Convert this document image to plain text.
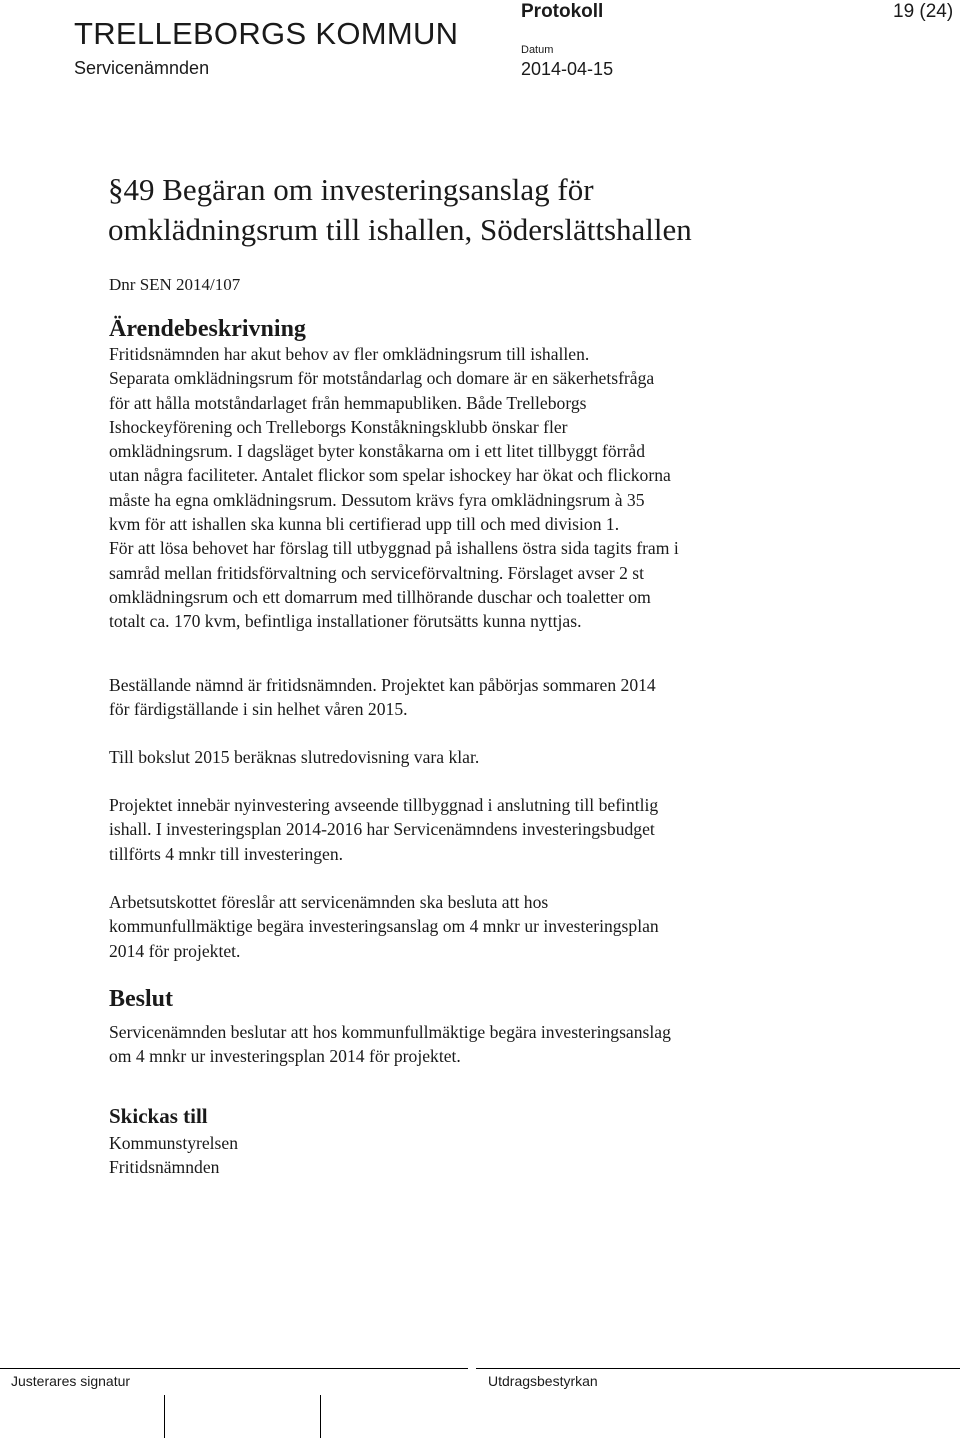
TRELLEBORGS KOMMUN
Servicenämnden
Protokoll
Datum
2014-04-15
19 (24)
§49 Begäran om investeringsanslag för
omklädningsrum till ishallen, Söderslättshallen
Dnr SEN 2014/107
Ärendebeskrivning
Fritidsnämnden har akut behov av fler omklädningsrum till ishallen.
Separata omklädningsrum för motståndarlag och domare är en säkerhetsfråga
för att hålla motståndarlaget från hemmapubliken. Både Trelleborgs
Ishockeyförening och Trelleborgs Konståkningsklubb önskar fler
omklädningsrum. I dagsläget byter konståkarna om i ett litet tillbyggt förråd
utan några faciliteter. Antalet flickor som spelar ishockey har ökat och flickorna
måste ha egna omklädningsrum. Dessutom krävs fyra omklädningsrum à 35
kvm för att ishallen ska kunna bli certifierad upp till och med division 1.
För att lösa behovet har förslag till utbyggnad på ishallens östra sida tagits fram i
samråd mellan fritidsförvaltning och serviceförvaltning. Förslaget avser 2 st
omklädningsrum och ett domarrum med tillhörande duschar och toaletter om
totalt ca. 170 kvm, befintliga installationer förutsätts kunna nyttjas.
Beställande nämnd är fritidsnämnden. Projektet kan påbörjas sommaren 2014
för färdigställande i sin helhet våren 2015.
Till bokslut 2015 beräknas slutredovisning vara klar.
Projektet innebär nyinvestering avseende tillbyggnad i anslutning till befintlig
ishall. I investeringsplan 2014-2016 har Servicenämndens investeringsbudget
tillförts 4 mnkr till investeringen.
Arbetsutskottet föreslår att servicenämnden ska besluta att hos
kommunfullmäktige begära investeringsanslag om 4 mnkr ur investeringsplan
2014 för projektet.
Beslut
Servicenämnden beslutar att hos kommunfullmäktige begära investeringsanslag
om 4 mnkr ur investeringsplan 2014 för projektet.
Skickas till
Kommunstyrelsen
Fritidsnämnden
Justerares signatur	Utdragsbestyrkan
